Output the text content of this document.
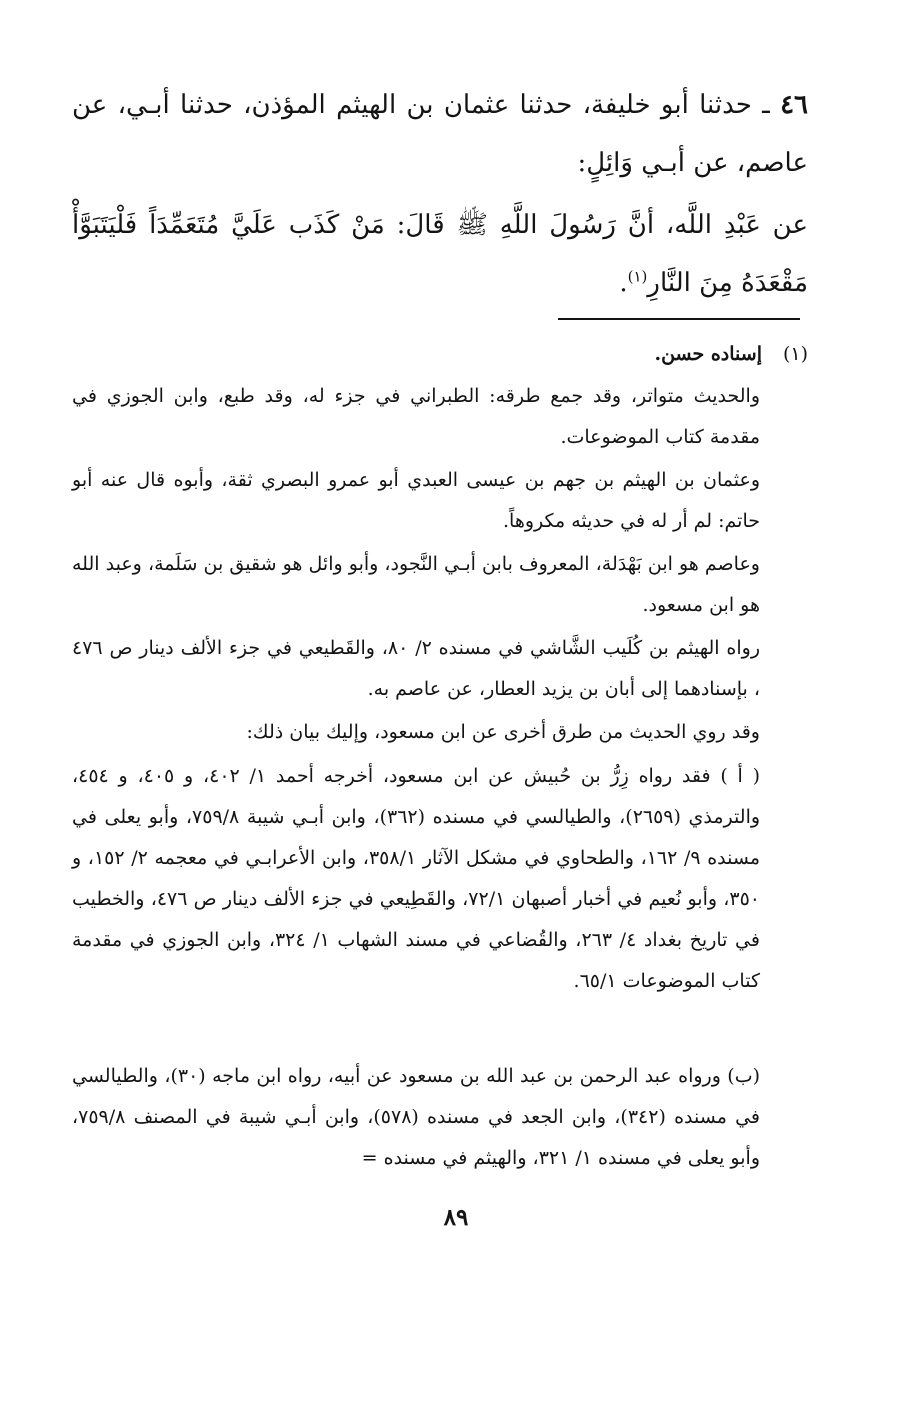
٤٦ ـ حدثنا أبو خليفة، حدثنا عثمان بن الهيثم المؤذن، حدثنا أبـي، عن عاصم، عن أبـي وَائِلٍ:

عن عَبْدِ اللَّه، أنَّ رَسُولَ اللَّهِ ﷺ قَالَ: مَنْ كَذَب عَلَيَّ مُتَعَمِّدَاً فَلْيَتَبَوَّأْ مَقْعَدَهُ مِنَ النَّارِ$^{(١)}$.

(١)إسناده حسن.

والحديث متواتر، وقد جمع طرقه: الطبراني في جزء له، وقد طبع، وابن الجوزي في مقدمة كتاب الموضوعات.

وعثمان بن الهيثم بن جهم بن عيسى العبدي أبو عمرو البصري ثقة، وأبوه قال عنه أبو حاتم: لم أر له في حديثه مكروهاً.

وعاصم هو ابن بَهْدَلة، المعروف بابن أبـي النَّجود، وأبو وائل هو شقيق بن سَلَمة، وعبد الله هو ابن مسعود.

رواه الهيثم بن كُلَيب الشَّاشي في مسنده ٢/ ٨٠، والقَطيعي في جزء الألف دينار ص ٤٧٦ ، بإسنادهما إلى أبان بن يزيد العطار، عن عاصم به.

وقد روي الحديث من طرق أخرى عن ابن مسعود، وإليك بيان ذلك:

( أ ) فقد رواه زِرُّ بن حُبيش عن ابن مسعود، أخرجه أحمد ١/ ٤٠٢، و ٤٠٥، و ٤٥٤، والترمذي (٢٦٥٩)، والطيالسي في مسنده (٣٦٢)، وابن أبـي شيبة ٧٥٩/٨، وأبو يعلى في مسنده ٩/ ١٦٢، والطحاوي في مشكل الآثار ٣٥٨/١، وابن الأعرابـي في معجمه ٢/ ١٥٢، و ٣٥٠، وأبو نُعيم في أخبار أصبهان ٧٢/١، والقَطِيعي في جزء الألف دينار ص ٤٧٦، والخطيب في تاريخ بغداد ٤/ ٢٦٣، والقُضاعي في مسند الشهاب ١/ ٣٢٤، وابن الجوزي في مقدمة كتاب الموضوعات ٦٥/١.

(ب) ورواه عبد الرحمن بن عبد الله بن مسعود عن أبيه، رواه ابن ماجه (٣٠)، والطيالسي في مسنده (٣٤٢)، وابن الجعد في مسنده (٥٧٨)، وابن أبـي شيبة في المصنف ٧٥٩/٨، وأبو يعلى في مسنده ١/ ٣٢١، والهيثم في مسنده =

٨٩
